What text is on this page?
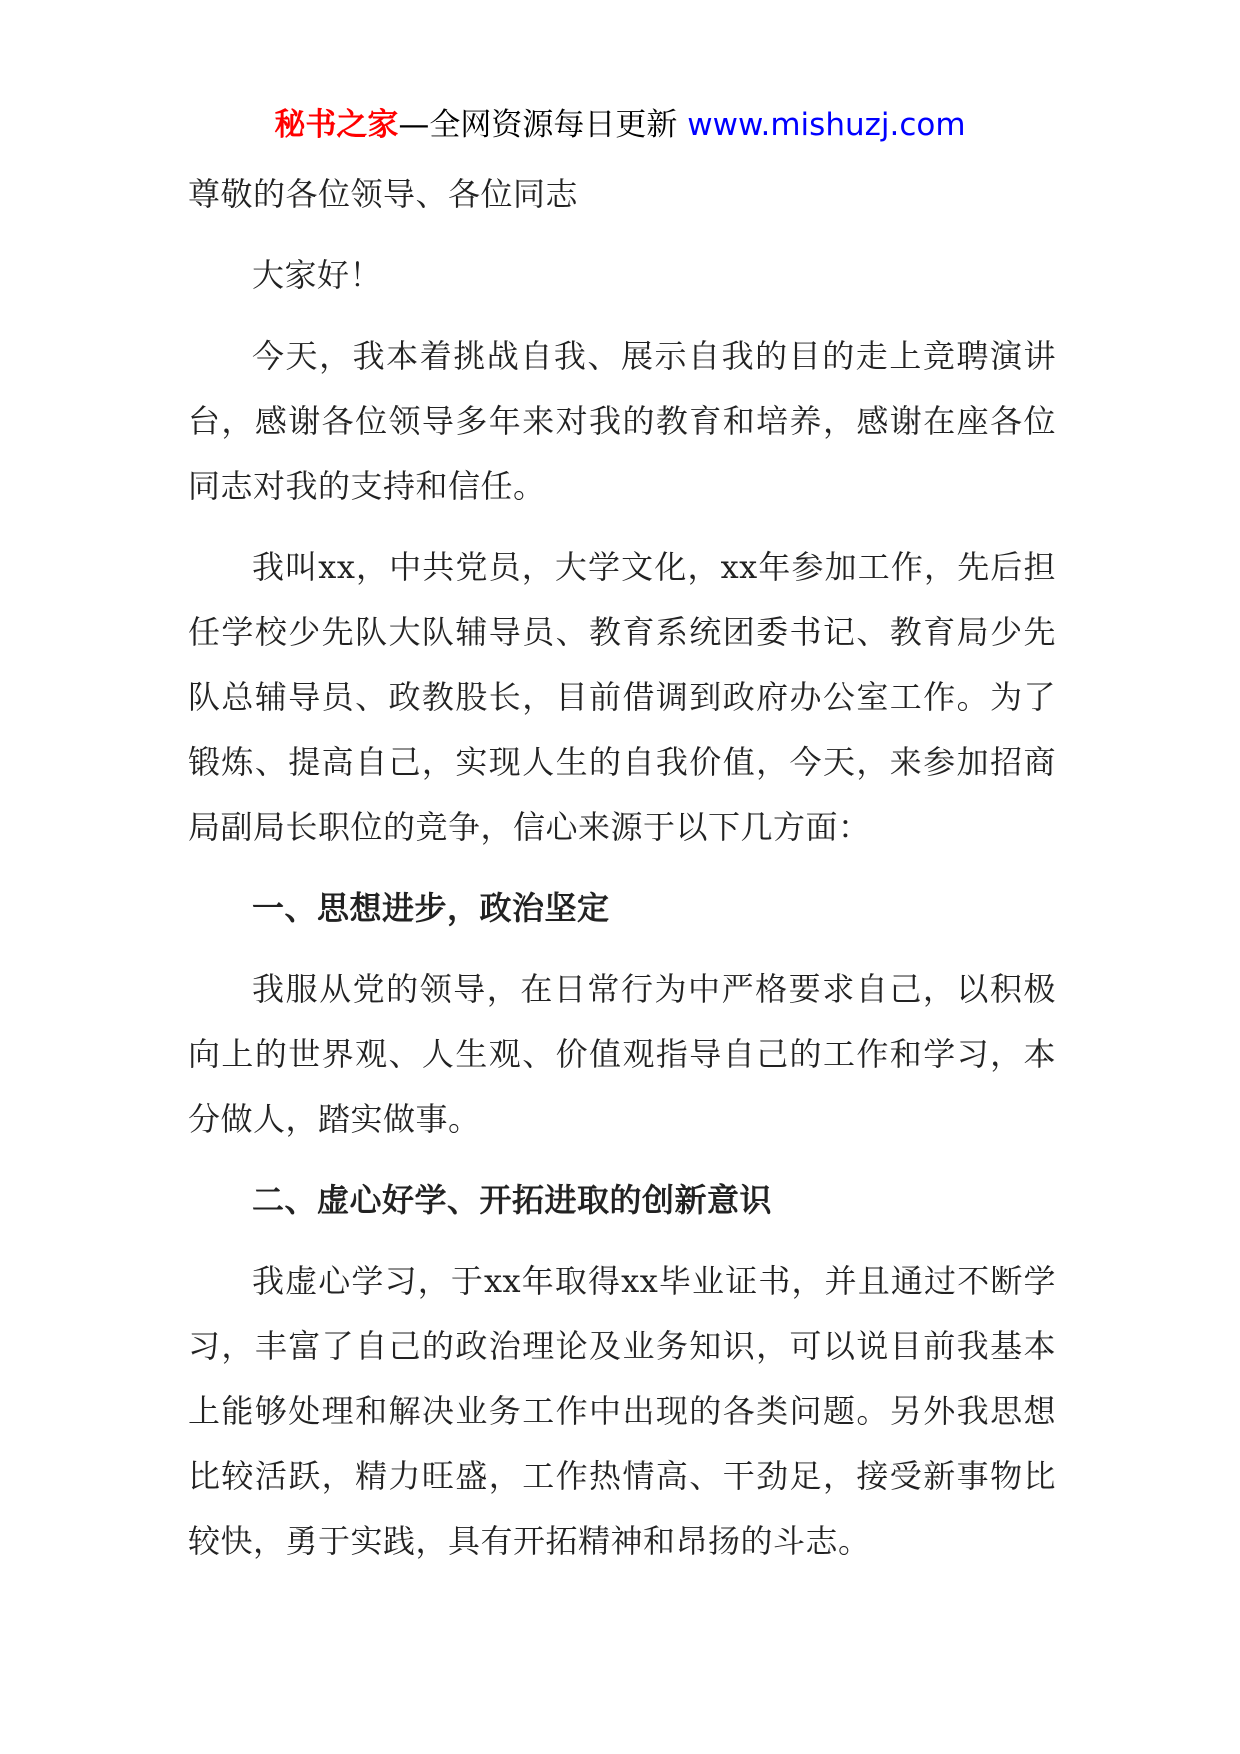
秘书之家—全网资源每日更新 www.mishuzj.com

尊敬的各位领导、各位同志

大家好！

今天，我本着挑战自我、展示自我的目的走上竞聘演讲台，感谢各位领导多年来对我的教育和培养，感谢在座各位同志对我的支持和信任。

我叫xx，中共党员，大学文化，xx年参加工作，先后担任学校少先队大队辅导员、教育系统团委书记、教育局少先队总辅导员、政教股长，目前借调到政府办公室工作。为了锻炼、提高自己，实现人生的自我价值，今天，来参加招商局副局长职位的竞争，信心来源于以下几方面：

一、思想进步，政治坚定

我服从党的领导，在日常行为中严格要求自己，以积极向上的世界观、人生观、价值观指导自己的工作和学习，本分做人，踏实做事。

二、虚心好学、开拓进取的创新意识

我虚心学习，于xx年取得xx毕业证书，并且通过不断学习，丰富了自己的政治理论及业务知识，可以说目前我基本上能够处理和解决业务工作中出现的各类问题。另外我思想比较活跃，精力旺盛，工作热情高、干劲足，接受新事物比较快，勇于实践，具有开拓精神和昂扬的斗志。
